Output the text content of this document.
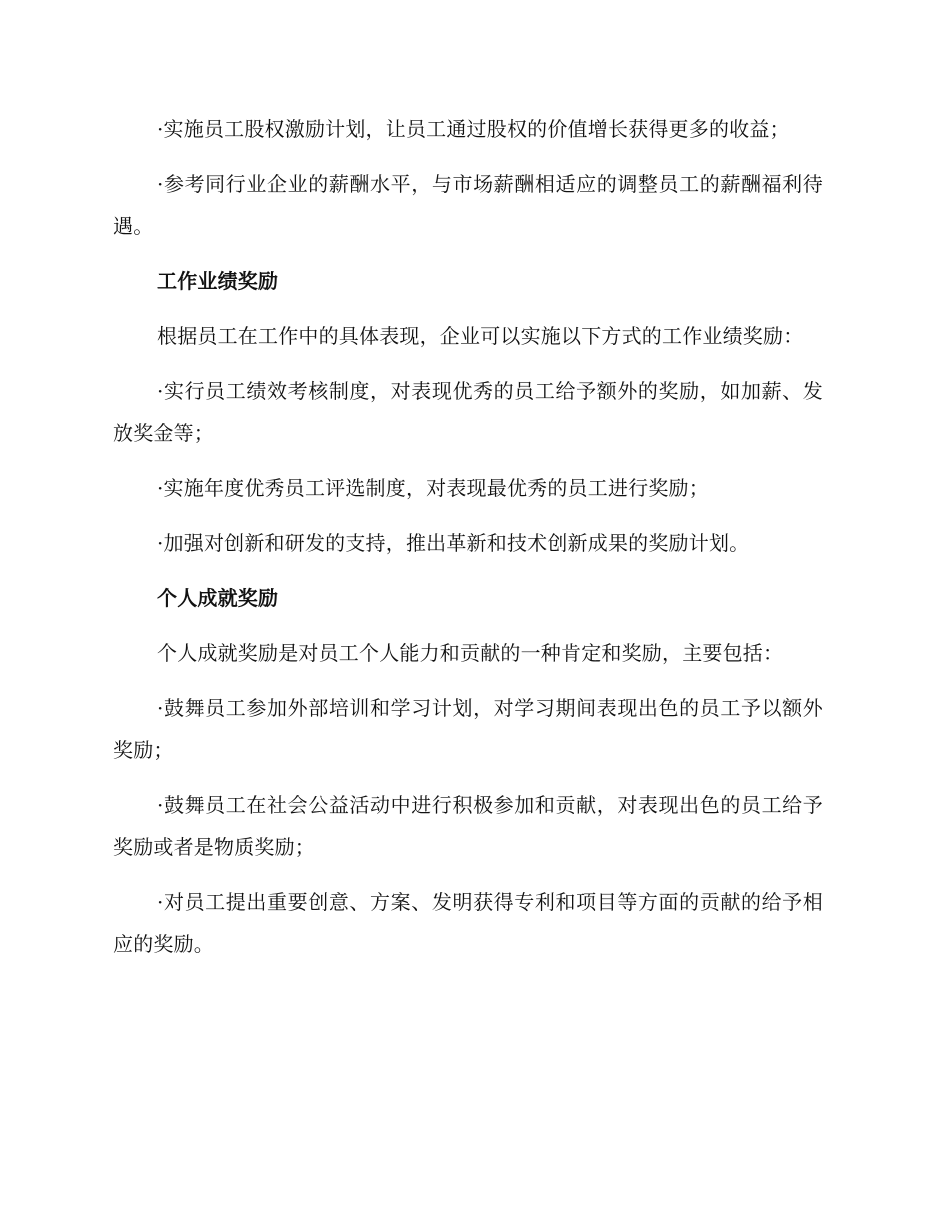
·实施员工股权激励计划，让员工通过股权的价值增长获得更多的收益；

·参考同行业企业的薪酬水平，与市场薪酬相适应的调整员工的薪酬福利待遇。

工作业绩奖励

根据员工在工作中的具体表现，企业可以实施以下方式的工作业绩奖励：

·实行员工绩效考核制度，对表现优秀的员工给予额外的奖励，如加薪、发放奖金等；

·实施年度优秀员工评选制度，对表现最优秀的员工进行奖励；

·加强对创新和研发的支持，推出革新和技术创新成果的奖励计划。

个人成就奖励

个人成就奖励是对员工个人能力和贡献的一种肯定和奖励，主要包括：

·鼓舞员工参加外部培训和学习计划，对学习期间表现出色的员工予以额外奖励；

·鼓舞员工在社会公益活动中进行积极参加和贡献，对表现出色的员工给予奖励或者是物质奖励；

·对员工提出重要创意、方案、发明获得专利和项目等方面的贡献的给予相应的奖励。
